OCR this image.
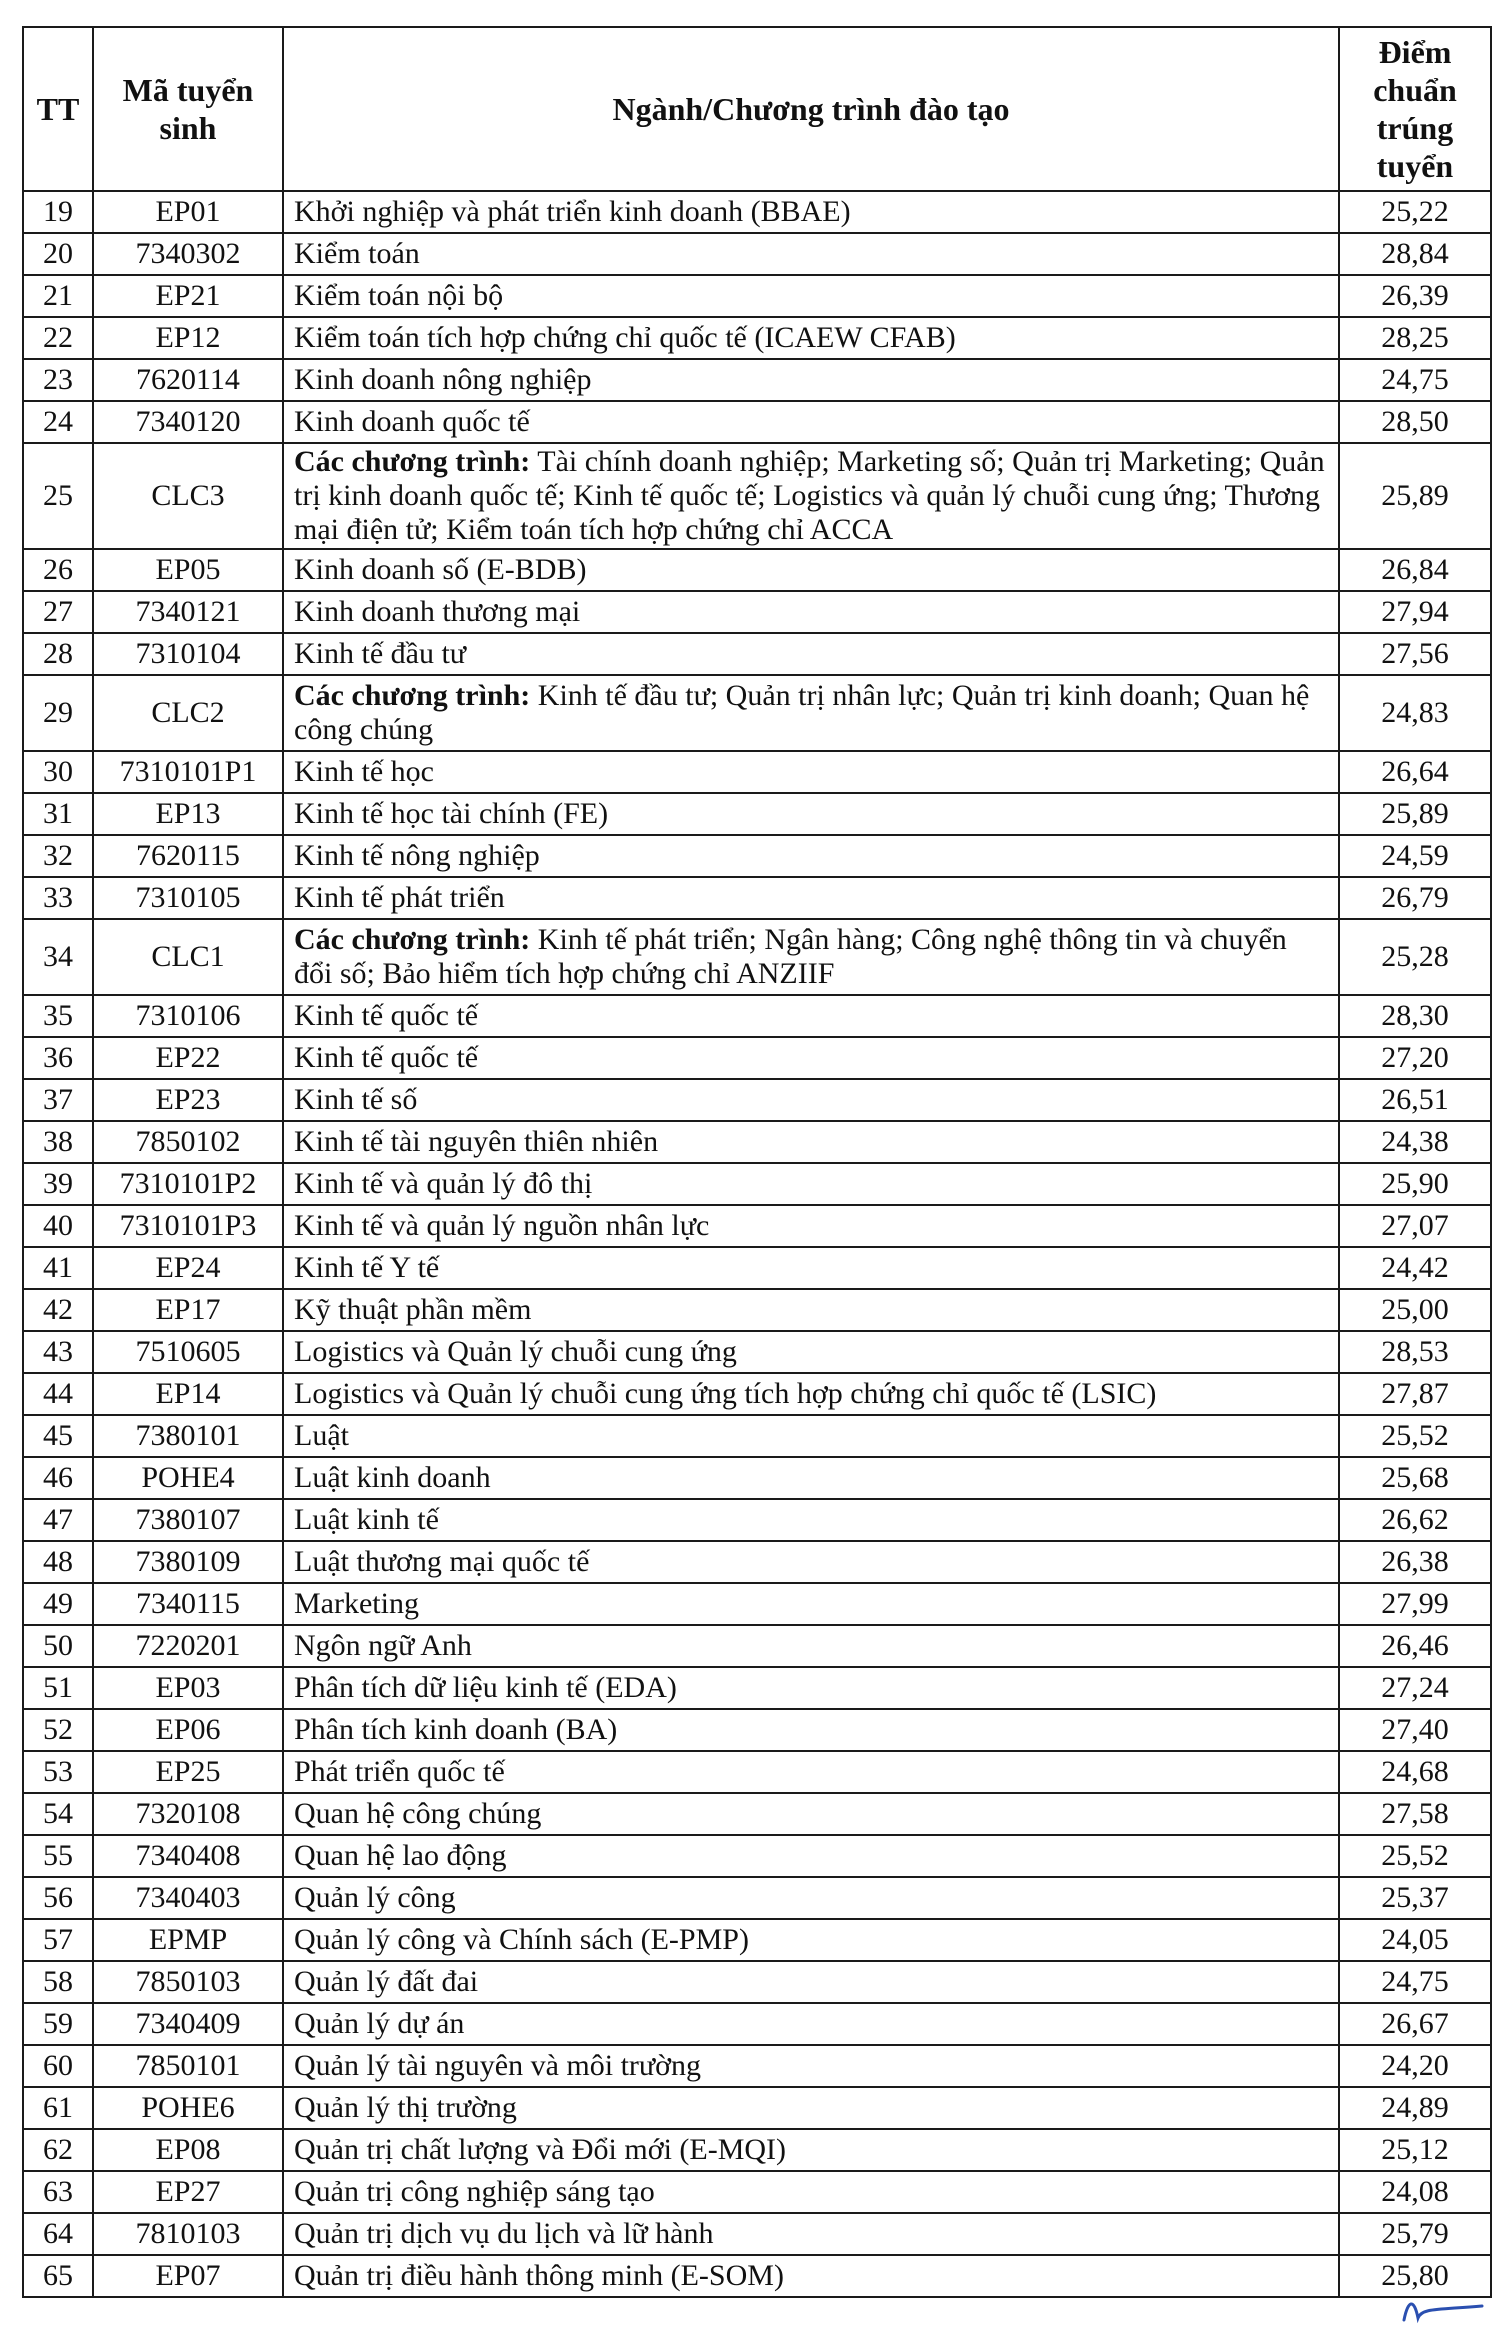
TT	Mã tuyển sinh	Ngành/Chương trình đào tạo	Điểm chuẩn trúng tuyển
19	EP01	Khởi nghiệp và phát triển kinh doanh (BBAE)	25,22
20	7340302	Kiểm toán	28,84
21	EP21	Kiểm toán nội bộ	26,39
22	EP12	Kiểm toán tích hợp chứng chỉ quốc tế (ICAEW CFAB)	28,25
23	7620114	Kinh doanh nông nghiệp	24,75
24	7340120	Kinh doanh quốc tế	28,50
25	CLC3	Các chương trình: Tài chính doanh nghiệp; Marketing số; Quản trị Marketing; Quản trị kinh doanh quốc tế; Kinh tế quốc tế; Logistics và quản lý chuỗi cung ứng; Thương mại điện tử; Kiểm toán tích hợp chứng chỉ ACCA	25,89
26	EP05	Kinh doanh số (E-BDB)	26,84
27	7340121	Kinh doanh thương mại	27,94
28	7310104	Kinh tế đầu tư	27,56
29	CLC2	Các chương trình: Kinh tế đầu tư; Quản trị nhân lực; Quản trị kinh doanh; Quan hệ công chúng	24,83
30	7310101P1	Kinh tế học	26,64
31	EP13	Kinh tế học tài chính (FE)	25,89
32	7620115	Kinh tế nông nghiệp	24,59
33	7310105	Kinh tế phát triển	26,79
34	CLC1	Các chương trình: Kinh tế phát triển; Ngân hàng; Công nghệ thông tin và chuyển đổi số; Bảo hiểm tích hợp chứng chỉ ANZIIF	25,28
35	7310106	Kinh tế quốc tế	28,30
36	EP22	Kinh tế quốc tế	27,20
37	EP23	Kinh tế số	26,51
38	7850102	Kinh tế tài nguyên thiên nhiên	24,38
39	7310101P2	Kinh tế và quản lý đô thị	25,90
40	7310101P3	Kinh tế và quản lý nguồn nhân lực	27,07
41	EP24	Kinh tế Y tế	24,42
42	EP17	Kỹ thuật phần mềm	25,00
43	7510605	Logistics và Quản lý chuỗi cung ứng	28,53
44	EP14	Logistics và Quản lý chuỗi cung ứng tích hợp chứng chỉ quốc tế (LSIC)	27,87
45	7380101	Luật	25,52
46	POHE4	Luật kinh doanh	25,68
47	7380107	Luật kinh tế	26,62
48	7380109	Luật thương mại quốc tế	26,38
49	7340115	Marketing	27,99
50	7220201	Ngôn ngữ Anh	26,46
51	EP03	Phân tích dữ liệu kinh tế (EDA)	27,24
52	EP06	Phân tích kinh doanh (BA)	27,40
53	EP25	Phát triển quốc tế	24,68
54	7320108	Quan hệ công chúng	27,58
55	7340408	Quan hệ lao động	25,52
56	7340403	Quản lý công	25,37
57	EPMP	Quản lý công và Chính sách (E-PMP)	24,05
58	7850103	Quản lý đất đai	24,75
59	7340409	Quản lý dự án	26,67
60	7850101	Quản lý tài nguyên và môi trường	24,20
61	POHE6	Quản lý thị trường	24,89
62	EP08	Quản trị chất lượng và Đổi mới (E-MQI)	25,12
63	EP27	Quản trị công nghiệp sáng tạo	24,08
64	7810103	Quản trị dịch vụ du lịch và lữ hành	25,79
65	EP07	Quản trị điều hành thông minh (E-SOM)	25,80
